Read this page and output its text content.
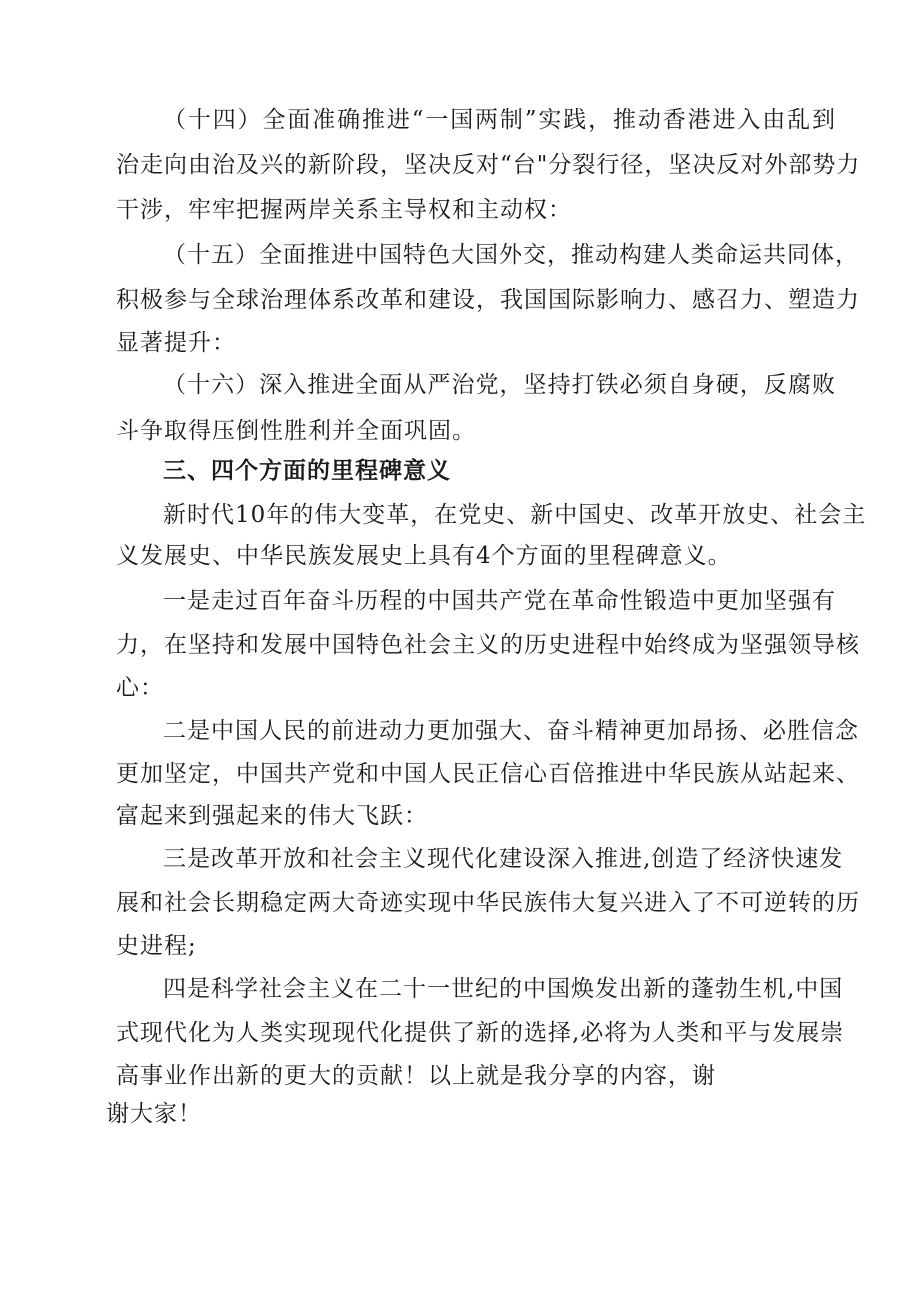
（十四）全面准确推进“一国两制”实践，推动香港进入由乱到
治走向由治及兴的新阶段，坚决反对“台"分裂行径，坚决反对外部势力
干涉，牢牢把握两岸关系主导权和主动权：
（十五）全面推进中国特色大国外交，推动构建人类命运共同体，
积极参与全球治理体系改革和建设，我国国际影响力、感召力、塑造力
显著提升：
（十六）深入推进全面从严治党，坚持打铁必须自身硬，反腐败
斗争取得压倒性胜利并全面巩固。
三、四个方面的里程碑意义
新时代10年的伟大变革，在党史、新中国史、改革开放史、社会主
义发展史、中华民族发展史上具有4个方面的里程碑意义。
一是走过百年奋斗历程的中国共产党在革命性锻造中更加坚强有
力，在坚持和发展中国特色社会主义的历史进程中始终成为坚强领导核
心：
二是中国人民的前进动力更加强大、奋斗精神更加昂扬、必胜信念
更加坚定，中国共产党和中国人民正信心百倍推进中华民族从站起来、
富起来到强起来的伟大飞跃：
三是改革开放和社会主义现代化建设深入推进,创造了经济快速发
展和社会长期稳定两大奇迹实现中华民族伟大复兴进入了不可逆转的历
史进程;
四是科学社会主义在二十一世纪的中国焕发出新的蓬勃生机,中国
式现代化为人类实现现代化提供了新的选择,必将为人类和平与发展崇
高事业作出新的更大的贡献！以上就是我分享的内容，谢
谢大家！
